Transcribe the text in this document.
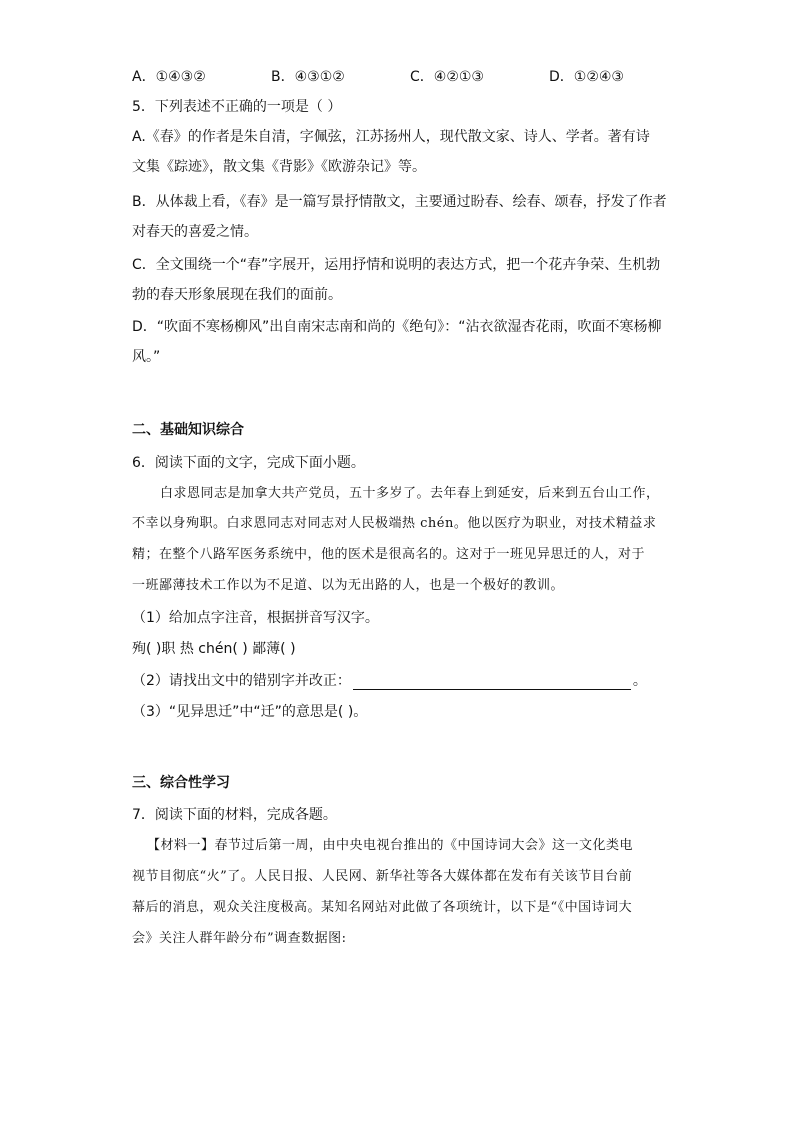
A．①④③②	B．④③①②	C．④②①③	D．①②④③
5．下列表述不正确的一项是（ ）
A.《春》的作者是朱自清，字佩弦，江苏扬州人，现代散文家、诗人、学者。著有诗
文集《踪迹》，散文集《背影》《欧游杂记》等。
B．从体裁上看，《春》是一篇写景抒情散文，主要通过盼春、绘春、颂春，抒发了作者
对春天的喜爱之情。
C．全文围绕一个“春”字展开，运用抒情和说明的表达方式，把一个花卉争荣、生机勃
勃的春天形象展现在我们的面前。
D．“吹面不寒杨柳风”出自南宋志南和尚的《绝句》：“沾衣欲湿杏花雨，吹面不寒杨柳
风。”
二、基础知识综合
6．阅读下面的文字，完成下面小题。
白求恩同志是加拿大共产党员，五十多岁了。去年春上到延安，后来到五台山工作，
不幸以身殉职。白求恩同志对同志对人民极端热 chén。他以医疗为职业，对技术精益求
精；在整个八路军医务系统中，他的医术是很高名的。这对于一班见异思迁的人，对于
一班鄙薄技术工作以为不足道、以为无出路的人，也是一个极好的教训。
（1）给加点字注音，根据拼音写汉字。
殉( )职 热 chén( ) 鄙薄( )
（2）请找出文中的错别字并改正：	。
（3）“见异思迁”中“迁”的意思是( )。
三、综合性学习
7．阅读下面的材料，完成各题。
【材料一】春节过后第一周，由中央电视台推出的《中国诗词大会》这一文化类电
视节目彻底“火”了。人民日报、人民网、新华社等各大媒体都在发布有关该节目台前
幕后的消息，观众关注度极高。某知名网站对此做了各项统计，以下是“《中国诗词大
会》关注人群年龄分布”调查数据图:
